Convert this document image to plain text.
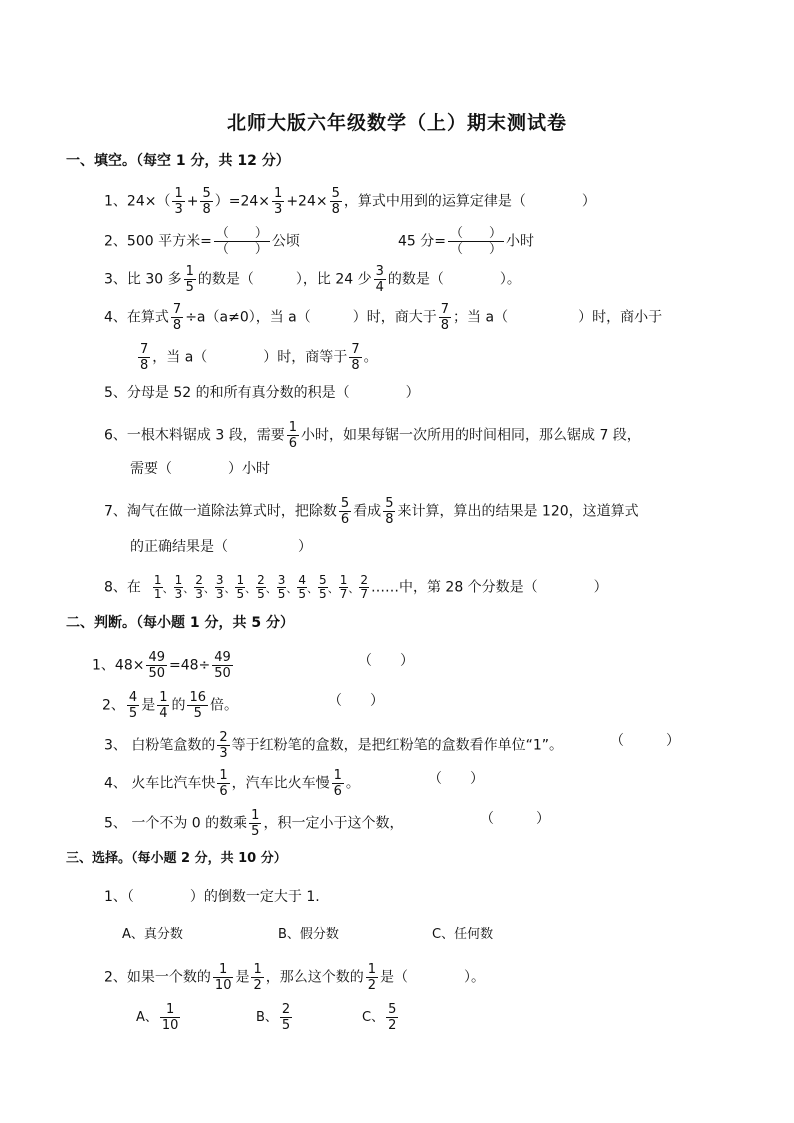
北师大版六年级数学（上）期末测试卷
一、填空。（每空 1 分，共 12 分）
1、$24\times( \frac{1}{3} + \frac{5}{8} )=24\times \frac{1}{3} +24\times \frac{5}{8}$ ，算式中用到的运算定律是（　　　　）
2、500 平方米= （　　）
（　　） 公顷	45 分= （　　）
（　　） 小时
3、比 30 多 $\frac{1}{5}$ 的数是（　　　），比 24 少 $\frac{3}{4}$ 的数是（　　　　）。
4、在算式 $\frac{7}{8} \div a(a\ne 0)$，当 a（　　　）时，商大于 $\frac{7}{8}$ ；当 a（　　　　　）时，商小于
$\frac{7}{8}$ ，当 a（　　　　）时，商等于 $\frac{7}{8}$ 。
5、分母是 52 的和所有真分数的积是（　　　　）
6、一根木料锯成 3 段，需要 $\frac{1}{6}$ 小时，如果每锯一次所用的时间相同，那么锯成 7 段，
需要（　　　　）小时
7、淘气在做一道除法算式时，把除数 $\frac{5}{6}$ 看成 $\frac{5}{8}$ 来计算，算出的结果是 120，这道算式
的正确结果是（　　　　　）
8、在 $\frac{1}{1}$ 、 $\frac{1}{3}$ 、 $\frac{2}{3}$ 、 $\frac{3}{3}$ 、 $\frac{1}{5}$ 、 $\frac{2}{5}$ 、 $\frac{3}{5}$ 、 $\frac{4}{5}$ 、 $\frac{5}{5}$ 、 $\frac{1}{7}$ 、 $\frac{2}{7}$ ……中，第 28 个分数是（　　　　）
二、判断。（每小题 1 分，共 5 分）
1、$48\times \frac{49}{50} =48\div \frac{49}{50}$	（　　）
2、 $\frac{4}{5}$ 是 $\frac{1}{4}$ 的 $\frac{16}{5}$ 倍。	（　　）
3、 白粉笔盒数的 $\frac{2}{3}$ 等于红粉笔的盒数，是把红粉笔的盒数看作单位“1”。	（　　　）
4、 火车比汽车快 $\frac{1}{6}$ ，汽车比火车慢 $\frac{1}{6}$ 。	（　　）
5、 一个不为 0 的数乘 $\frac{1}{5}$ ，积一定小于这个数，	（　　　）
三、选择。（每小题 2 分，共 10 分）
1、（　　　　）的倒数一定大于 1.
A、真分数	B、假分数	C、任何数
2、如果一个数的 $\frac{1}{10}$ 是 $\frac{1}{2}$ ，那么这个数的 $\frac{1}{2}$ 是（　　　　）。
A、 $\frac{1}{10}$	B、 $\frac{2}{5}$	C、 $\frac{5}{2}$
